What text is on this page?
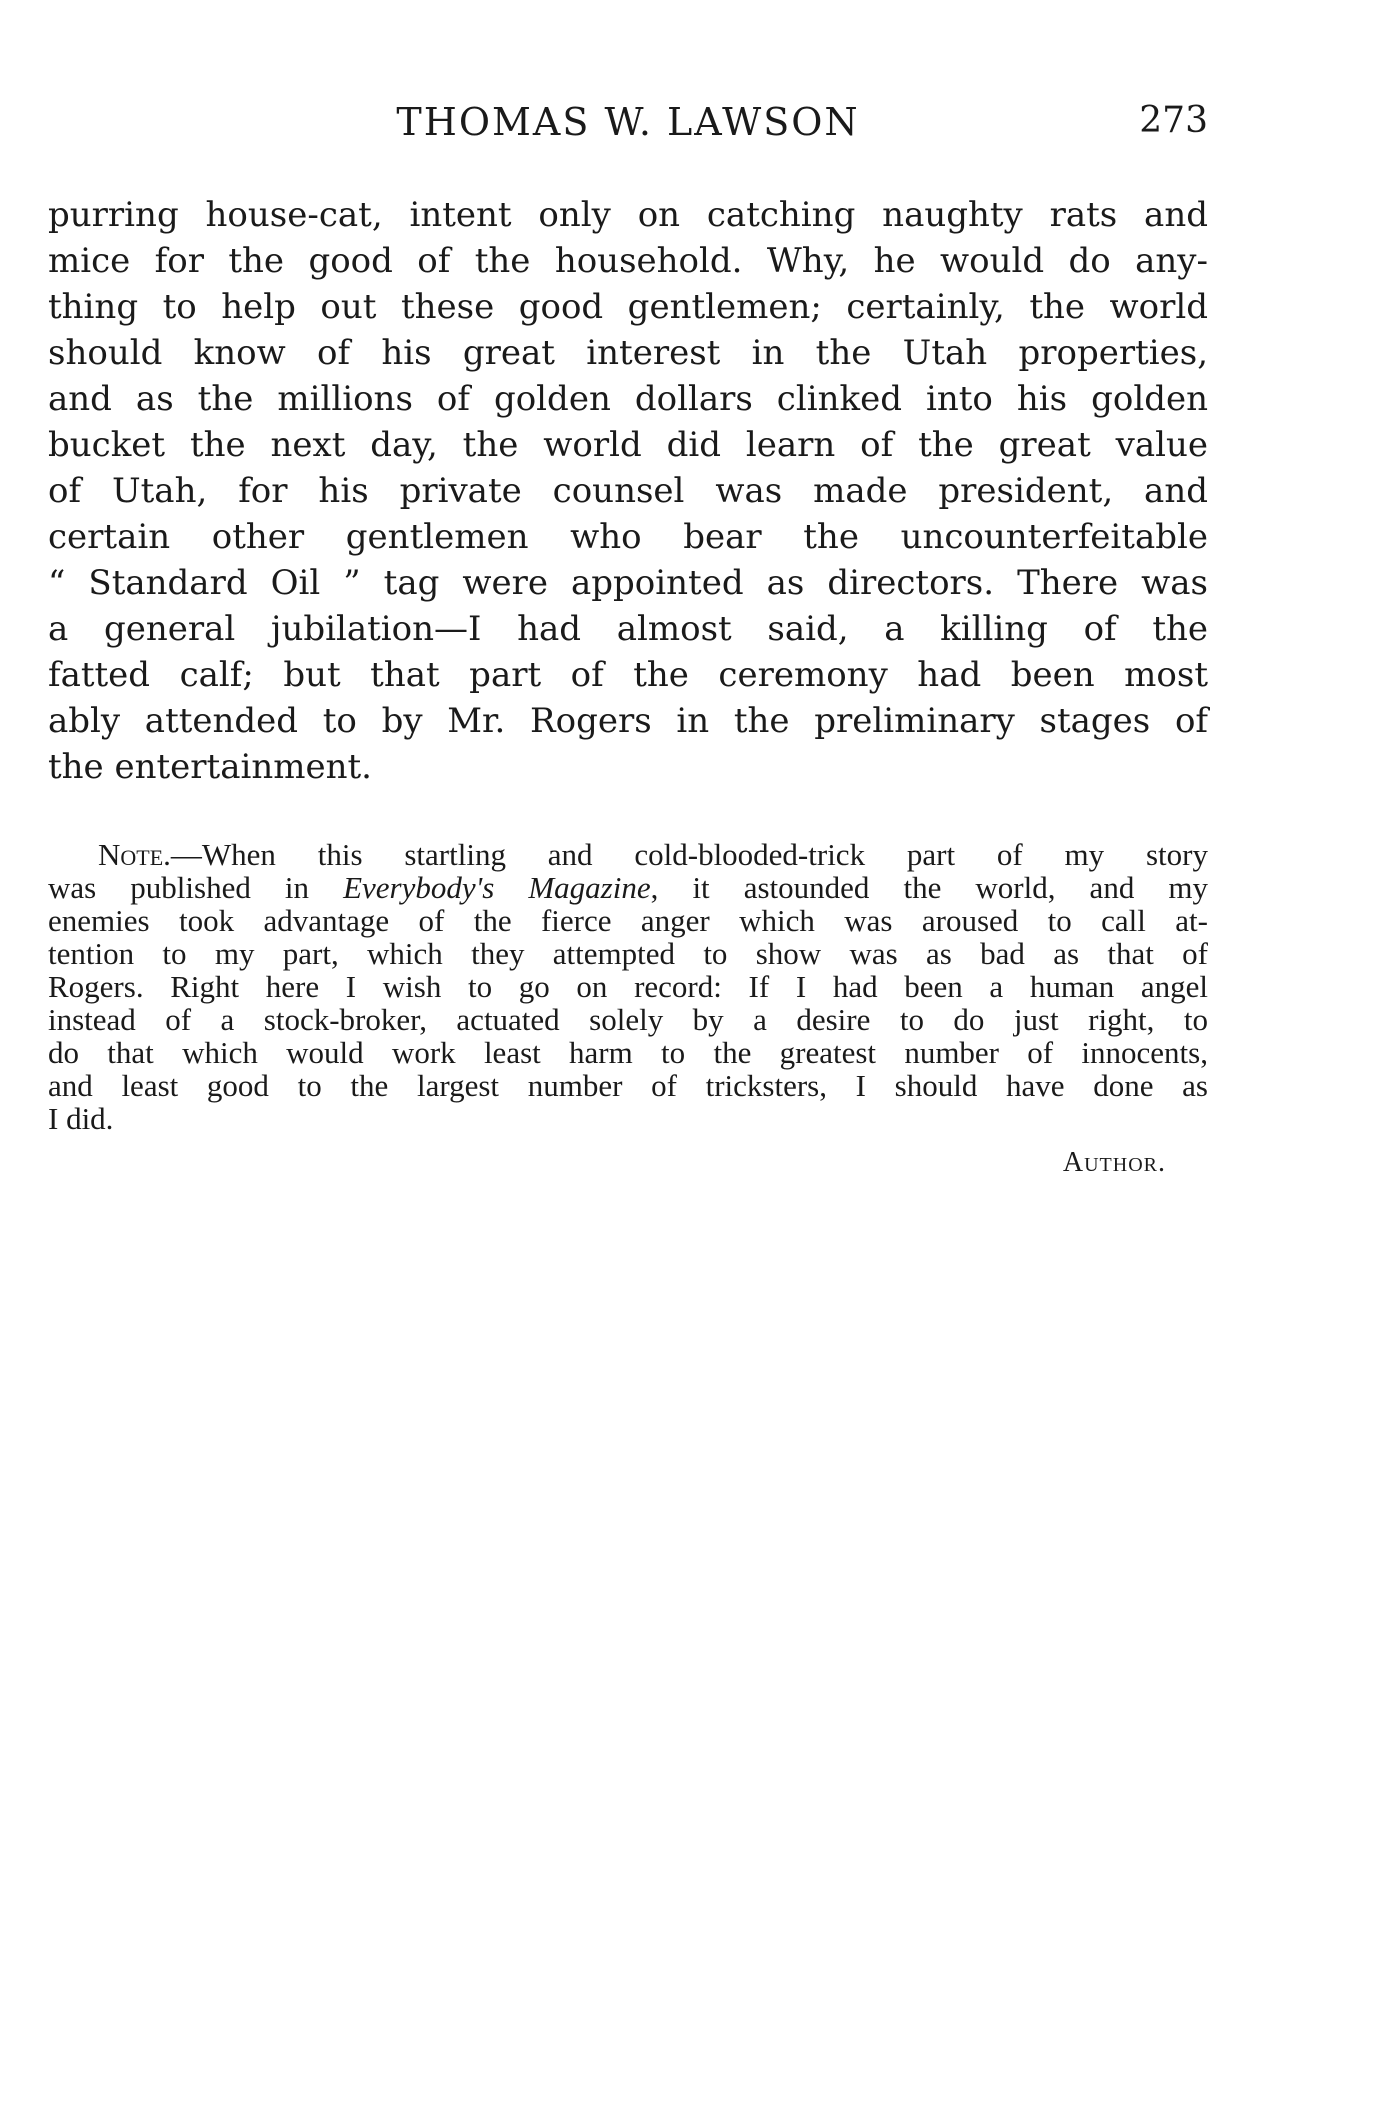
THOMAS W. LAWSON	273
purring house-cat, intent only on catching naughty rats and
mice for the good of the household. Why, he would do any-
thing to help out these good gentlemen; certainly, the world
should know of his great interest in the Utah properties,
and as the millions of golden dollars clinked into his golden
bucket the next day, the world did learn of the great value
of Utah, for his private counsel was made president, and
certain other gentlemen who bear the uncounterfeitable
“ Standard Oil ” tag were appointed as directors. There was
a general jubilation—I had almost said, a killing of the
fatted calf; but that part of the ceremony had been most
ably attended to by Mr. Rogers in the preliminary stages of
the entertainment.
Note.—When this startling and cold-blooded-trick part of my story
was published in Everybody's Magazine, it astounded the world, and my
enemies took advantage of the fierce anger which was aroused to call at-
tention to my part, which they attempted to show was as bad as that of
Rogers. Right here I wish to go on record: If I had been a human angel
instead of a stock-broker, actuated solely by a desire to do just right, to
do that which would work least harm to the greatest number of innocents,
and least good to the largest number of tricksters, I should have done as
I did.
Author.
